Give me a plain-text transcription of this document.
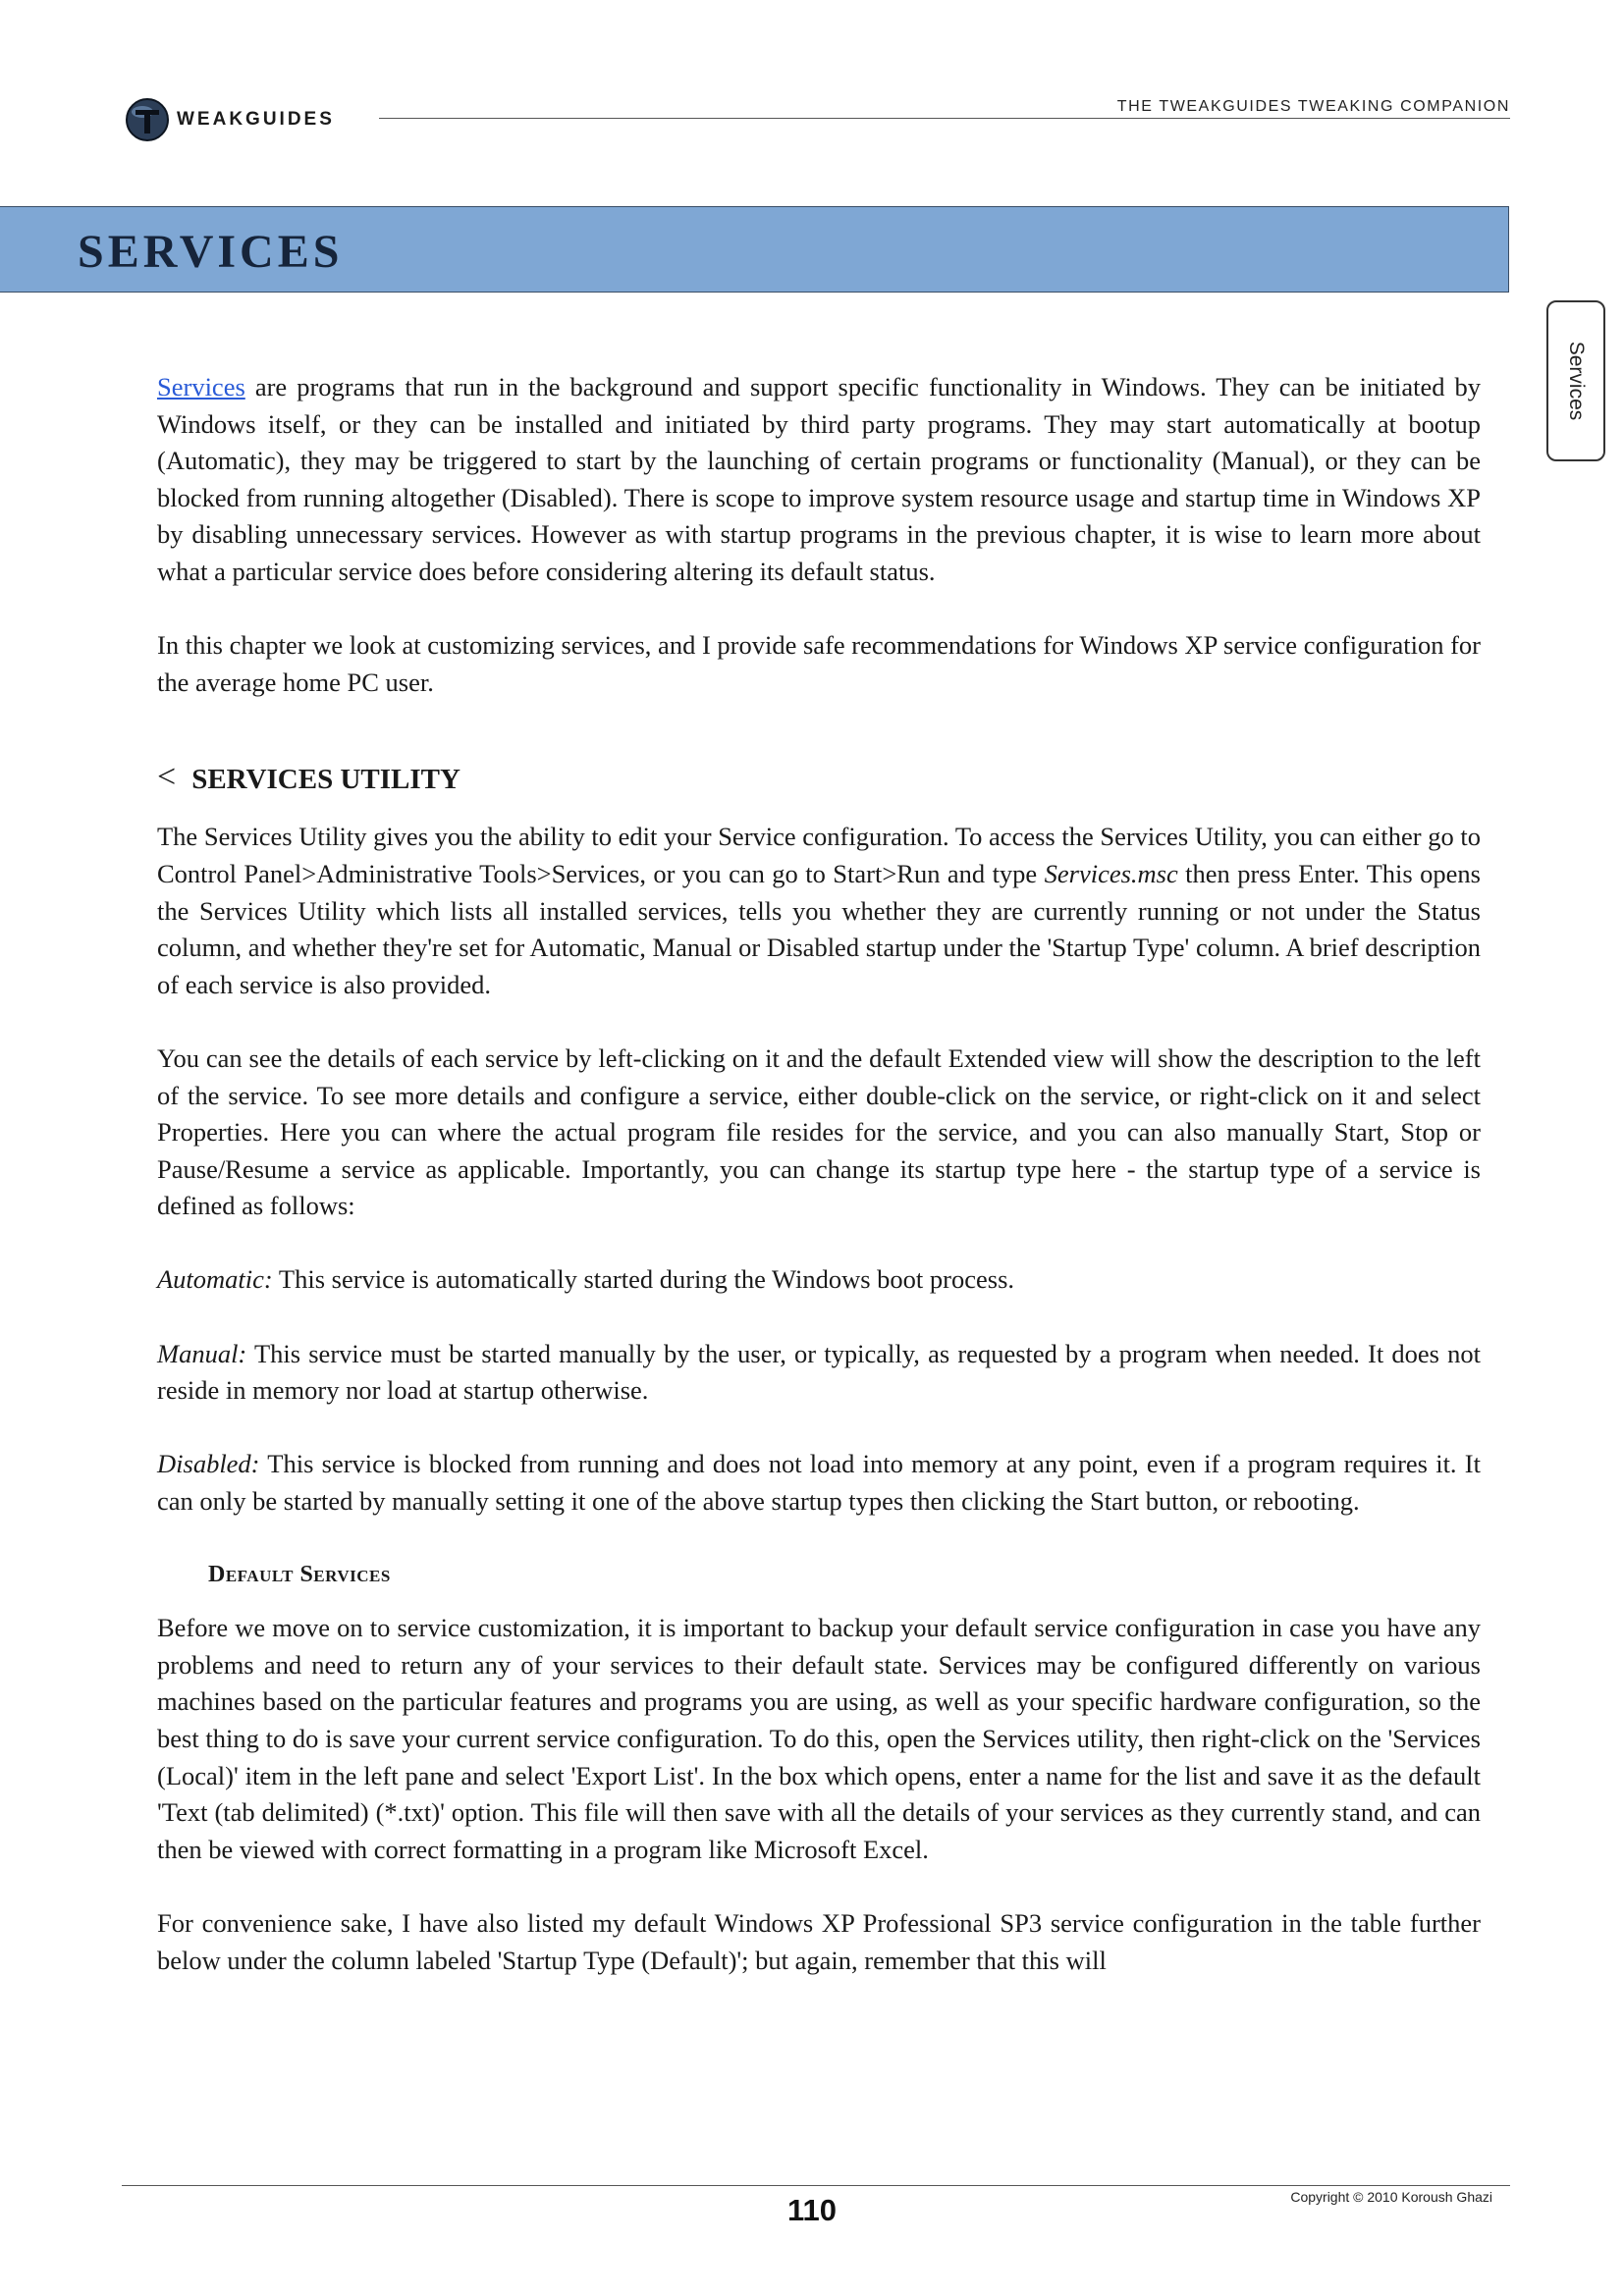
WEAKGUIDES
THE TWEAKGUIDES TWEAKING COMPANION
SERVICES
Services

Services are programs that run in the background and support specific functionality in Windows. They can be initiated by Windows itself, or they can be installed and initiated by third party programs. They may start automatically at bootup (Automatic), they may be triggered to start by the launching of certain programs or functionality (Manual), or they can be blocked from running altogether (Disabled). There is scope to improve system resource usage and startup time in Windows XP by disabling unnecessary services. However as with startup programs in the previous chapter, it is wise to learn more about what a particular service does before considering altering its default status.

In this chapter we look at customizing services, and I provide safe recommendations for Windows XP service configuration for the average home PC user.

< SERVICES UTILITY

The Services Utility gives you the ability to edit your Service configuration. To access the Services Utility, you can either go to Control Panel>Administrative Tools>Services, or you can go to Start>Run and type Services.msc then press Enter. This opens the Services Utility which lists all installed services, tells you whether they are currently running or not under the Status column, and whether they're set for Automatic, Manual or Disabled startup under the 'Startup Type' column. A brief description of each service is also provided.

You can see the details of each service by left-clicking on it and the default Extended view will show the description to the left of the service. To see more details and configure a service, either double-click on the service, or right-click on it and select Properties. Here you can where the actual program file resides for the service, and you can also manually Start, Stop or Pause/Resume a service as applicable. Importantly, you can change its startup type here - the startup type of a service is defined as follows:

Automatic: This service is automatically started during the Windows boot process.

Manual: This service must be started manually by the user, or typically, as requested by a program when needed. It does not reside in memory nor load at startup otherwise.

Disabled: This service is blocked from running and does not load into memory at any point, even if a program requires it. It can only be started by manually setting it one of the above startup types then clicking the Start button, or rebooting.

Default Services

Before we move on to service customization, it is important to backup your default service configuration in case you have any problems and need to return any of your services to their default state. Services may be configured differently on various machines based on the particular features and programs you are using, as well as your specific hardware configuration, so the best thing to do is save your current service configuration. To do this, open the Services utility, then right-click on the 'Services (Local)' item in the left pane and select 'Export List'. In the box which opens, enter a name for the list and save it as the default 'Text (tab delimited) (*.txt)' option. This file will then save with all the details of your services as they currently stand, and can then be viewed with correct formatting in a program like Microsoft Excel.

For convenience sake, I have also listed my default Windows XP Professional SP3 service configuration in the table further below under the column labeled 'Startup Type (Default)'; but again, remember that this will

110	Copyright © 2010 Koroush Ghazi
